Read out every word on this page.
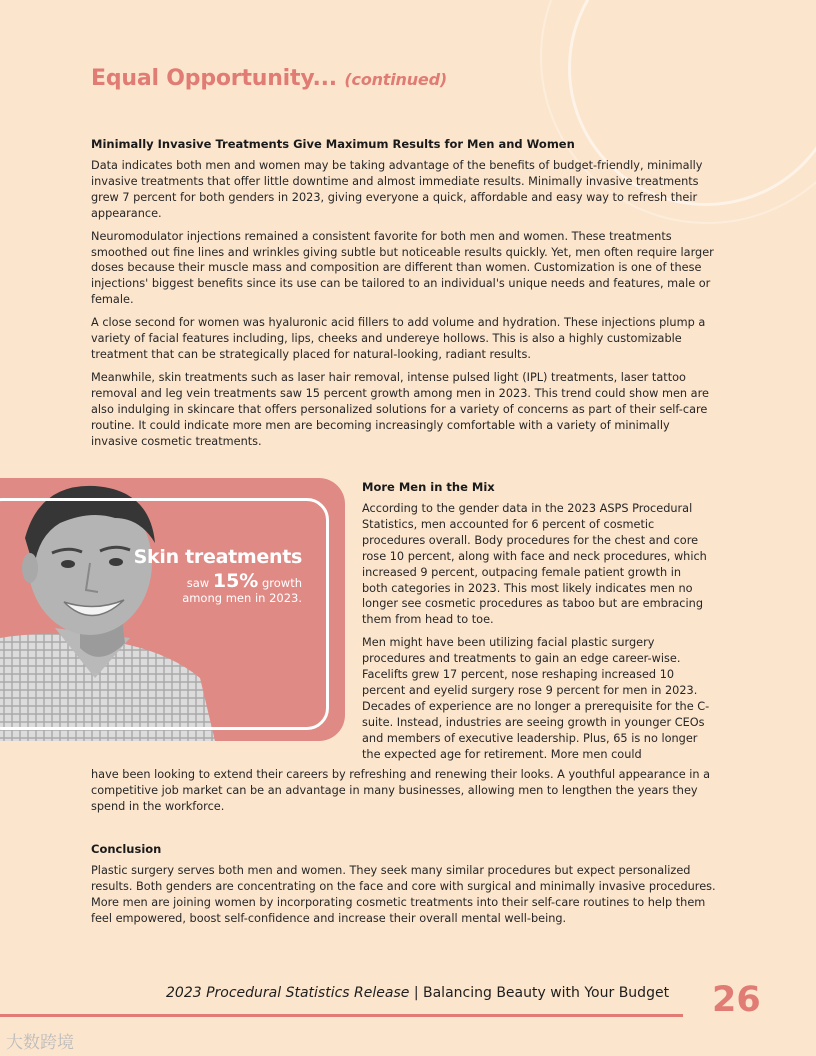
Equal Opportunity... (continued)
Minimally Invasive Treatments Give Maximum Results for Men and Women

Data indicates both men and women may be taking advantage of the benefits of budget-friendly, minimally invasive treatments that offer little downtime and almost immediate results. Minimally invasive treatments grew 7 percent for both genders in 2023, giving everyone a quick, affordable and easy way to refresh their appearance.

Neuromodulator injections remained a consistent favorite for both men and women. These treatments smoothed out fine lines and wrinkles giving subtle but noticeable results quickly. Yet, men often require larger doses because their muscle mass and composition are different than women. Customization is one of these injections' biggest benefits since its use can be tailored to an individual's unique needs and features, male or female.

A close second for women was hyaluronic acid fillers to add volume and hydration. These injections plump a variety of facial features including, lips, cheeks and undereye hollows. This is also a highly customizable treatment that can be strategically placed for natural-looking, radiant results.

Meanwhile, skin treatments such as laser hair removal, intense pulsed light (IPL) treatments, laser tattoo removal and leg vein treatments saw 15 percent growth among men in 2023. This trend could show men are also indulging in skincare that offers personalized solutions for a variety of concerns as part of their self-care routine. It could indicate more men are becoming increasingly comfortable with a variety of minimally invasive cosmetic treatments.

Skin treatments
saw 15% growth
among men in 2023.
More Men in the Mix

According to the gender data in the 2023 ASPS Procedural Statistics, men accounted for 6 percent of cosmetic procedures overall. Body procedures for the chest and core rose 10 percent, along with face and neck procedures, which increased 9 percent, outpacing female patient growth in both categories in 2023. This most likely indicates men no longer see cosmetic procedures as taboo but are embracing them from head to toe.

Men might have been utilizing facial plastic surgery procedures and treatments to gain an edge career-wise. Facelifts grew 17 percent, nose reshaping increased 10 percent and eyelid surgery rose 9 percent for men in 2023. Decades of experience are no longer a prerequisite for the C-suite. Instead, industries are seeing growth in younger CEOs and members of executive leadership. Plus, 65 is no longer the expected age for retirement. More men could

have been looking to extend their careers by refreshing and renewing their looks. A youthful appearance in a competitive job market can be an advantage in many businesses, allowing men to lengthen the years they spend in the workforce.

Conclusion

Plastic surgery serves both men and women. They seek many similar procedures but expect personalized results. Both genders are concentrating on the face and core with surgical and minimally invasive procedures. More men are joining women by incorporating cosmetic treatments into their self-care routines to help them feel empowered, boost self-confidence and increase their overall mental well-being.

2023 Procedural Statistics Release | Balancing Beauty with Your Budget 26
大数跨境
